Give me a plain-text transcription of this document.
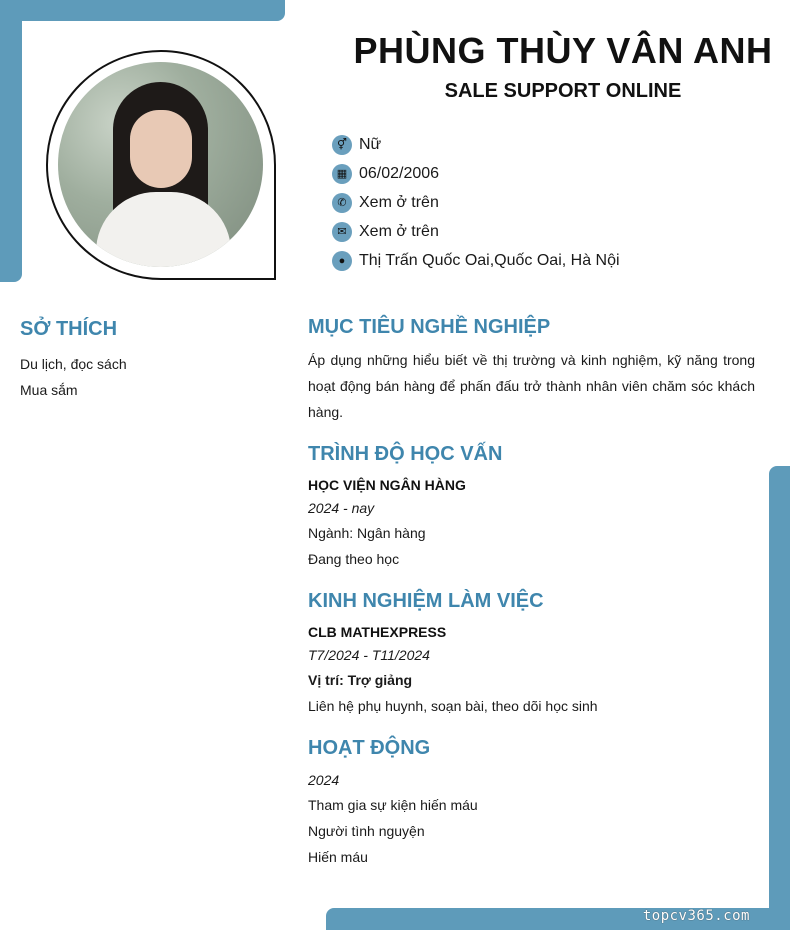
PHÙNG THÙY VÂN ANH
SALE SUPPORT ONLINE
⚥ Nữ
▦ 06/02/2006
✆ Xem ở trên
✉ Xem ở trên
● Thị Trấn Quốc Oai,Quốc Oai, Hà Nội
SỞ THÍCH
Du lịch, đọc sách
Mua sắm
MỤC TIÊU NGHỀ NGHIỆP
Áp dụng những hiểu biết về thị trường và kinh nghiệm, kỹ năng trong hoạt động bán hàng để phấn đấu trở thành nhân viên chăm sóc khách hàng.
TRÌNH ĐỘ HỌC VẤN
HỌC VIỆN NGÂN HÀNG
2024 - nay
Ngành: Ngân hàng
Đang theo học
KINH NGHIỆM LÀM VIỆC
CLB MATHEXPRESS
T7/2024 - T11/2024
Vị trí: Trợ giảng
Liên hệ phụ huynh, soạn bài, theo dõi học sinh
HOẠT ĐỘNG
2024
Tham gia sự kiện hiến máu
Người tình nguyện
Hiến máu
topcv365.com
